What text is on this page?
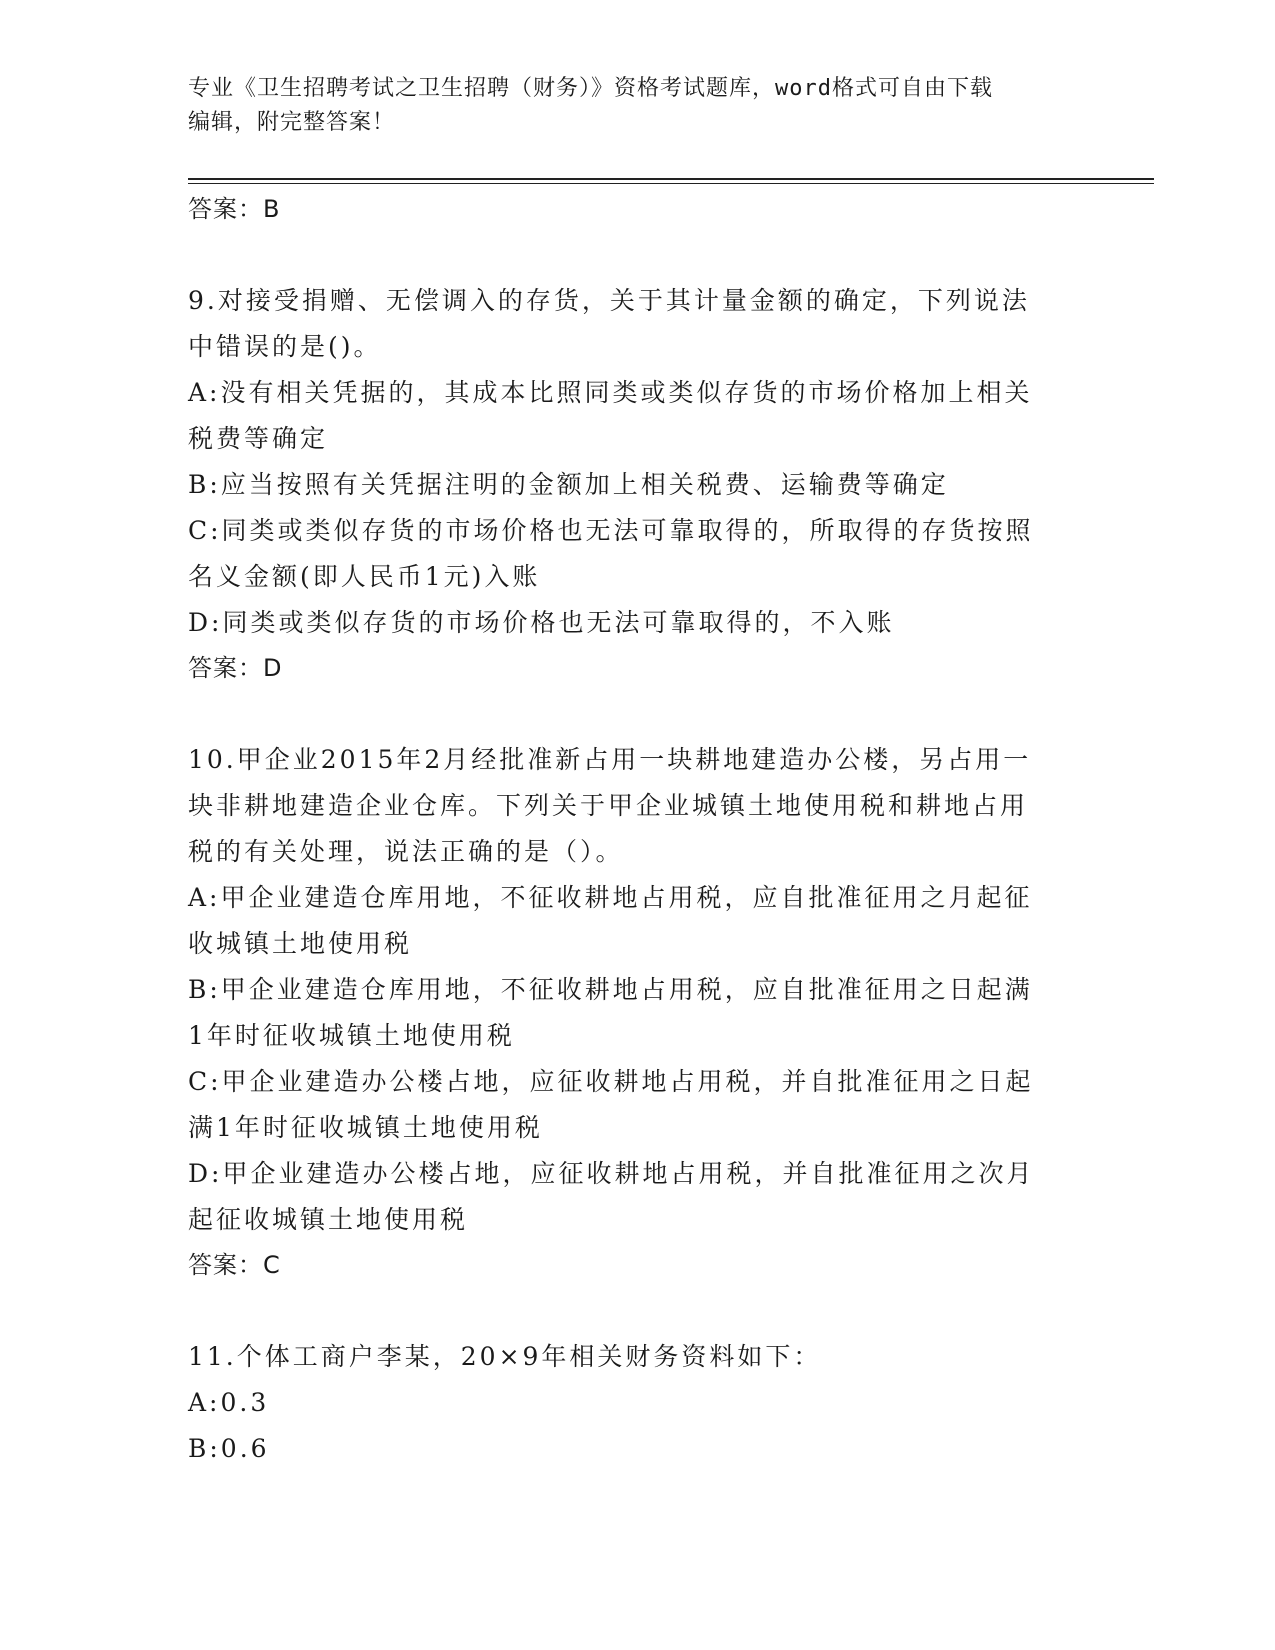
专业《卫生招聘考试之卫生招聘（财务）》资格考试题库，word格式可自由下载
编辑，附完整答案！
答案：B
9.对接受捐赠、无偿调入的存货，关于其计量金额的确定，下列说法
中错误的是()。
A:没有相关凭据的，其成本比照同类或类似存货的市场价格加上相关
税费等确定
B:应当按照有关凭据注明的金额加上相关税费、运输费等确定
C:同类或类似存货的市场价格也无法可靠取得的，所取得的存货按照
名义金额(即人民币1元)入账
D:同类或类似存货的市场价格也无法可靠取得的，不入账
答案：D
10.甲企业2015年2月经批准新占用一块耕地建造办公楼，另占用一
块非耕地建造企业仓库。下列关于甲企业城镇土地使用税和耕地占用
税的有关处理，说法正确的是（）。
A:甲企业建造仓库用地，不征收耕地占用税，应自批准征用之月起征
收城镇土地使用税
B:甲企业建造仓库用地，不征收耕地占用税，应自批准征用之日起满
1年时征收城镇土地使用税
C:甲企业建造办公楼占地，应征收耕地占用税，并自批准征用之日起
满1年时征收城镇土地使用税
D:甲企业建造办公楼占地，应征收耕地占用税，并自批准征用之次月
起征收城镇土地使用税
答案：C
11.个体工商户李某，20×9年相关财务资料如下：
A:0.3
B:0.6
